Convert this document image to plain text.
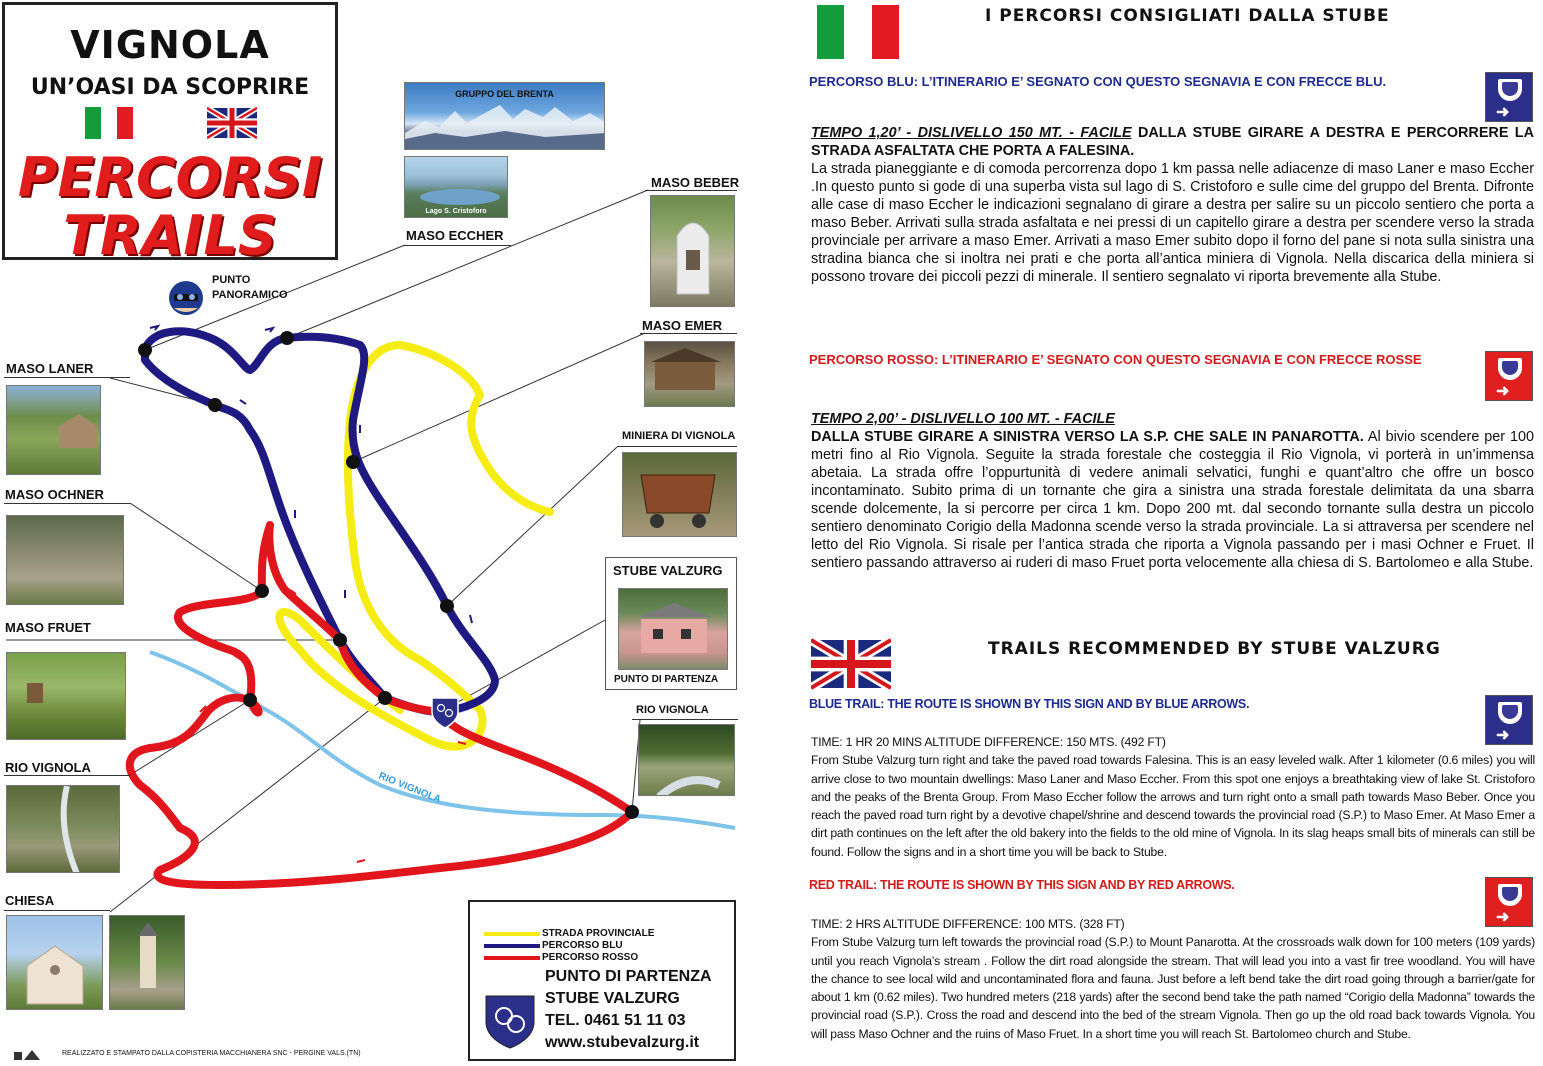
VIGNOLA
UN’OASI DA SCOPRIRE
PERCORSI
TRAILS
RIO VIGNOLA
PUNTO
PANORAMICO
GRUPPO DEL BRENTA
Lago S. Cristoforo
MASO ECCHER
MASO BEBER
MASO EMER
MINIERA DI VIGNOLA
STUBE VALZURG
PUNTO DI PARTENZA
RIO VIGNOLA
MASO LANER
MASO OCHNER
MASO FRUET
RIO VIGNOLA
CHIESA
STRADA PROVINCIALE
PERCORSO BLU
PERCORSO ROSSO
PUNTO DI PARTENZA
STUBE VALZURG
TEL. 0461 51 11 03
www.stubevalzurg.it
REALIZZATO E STAMPATO DALLA COPISTERIA MACCHIANERA SNC - PERGINE VALS.(TN)
I PERCORSI CONSIGLIATI DALLA STUBE
PERCORSO BLU: L’ITINERARIO E’ SEGNATO CON QUESTO SEGNAVIA E CON FRECCE BLU.
➜
TEMPO 1,20’ - DISLIVELLO 150 MT. - FACILE DALLA STUBE GIRARE A DESTRA E PERCORRERE LA STRADA ASFALTATA CHE PORTA A FALESINA.
La strada pianeggiante e di comoda percorrenza dopo 1 km passa nelle adiacenze di maso Laner e maso Eccher .In questo punto si gode di una superba vista sul lago di S. Cristoforo e sulle cime del gruppo del Brenta. Difronte alle case di maso Eccher le indicazioni segnalano di girare a destra per salire su un piccolo sentiero che porta a maso Beber. Arrivati sulla strada asfaltata e nei pressi di un capitello girare a destra per scendere verso la strada provinciale per arrivare a maso Emer. Arrivati a maso Emer subito dopo il forno del pane si nota sulla sinistra una stradina bianca che si inoltra nei prati e che porta all’antica miniera di Vignola. Nella discarica della miniera si possono trovare dei piccoli pezzi di minerale. Il sentiero segnalato vi riporta brevemente alla Stube.
PERCORSO ROSSO: L’ITINERARIO E’ SEGNATO CON QUESTO SEGNAVIA E CON FRECCE ROSSE
➜
TEMPO 2,00’ - DISLIVELLO 100 MT. - FACILE
DALLA STUBE GIRARE A SINISTRA VERSO LA S.P. CHE SALE IN PANAROTTA. Al bivio scendere per 100 metri fino al Rio Vignola. Seguite la strada forestale che costeggia il Rio Vignola, vi porterà in un’immensa abetaia. La strada offre l’oppurtunità di vedere animali selvatici, funghi e quant’altro che offre un bosco incontaminato. Subito prima di un tornante che gira a sinistra una strada forestale delimitata da una sbarra scende dolcemente, la si percorre per circa 1 km. Dopo 200 mt. dal secondo tornante sulla destra un piccolo sentiero denominato Corigio della Madonna scende verso la strada provinciale. La si attraversa per scendere nel letto del Rio Vignola. Si risale per l’antica strada che riporta a Vignola passando per i masi Ochner e Fruet. Il sentiero passando attraverso ai ruderi di maso Fruet porta velocemente alla chiesa di S. Bartolomeo e alla Stube.
TRAILS RECOMMENDED BY STUBE VALZURG
BLUE TRAIL: THE ROUTE IS SHOWN BY THIS SIGN AND BY BLUE ARROWS.
➜
TIME: 1 HR 20 MINS ALTITUDE DIFFERENCE: 150 MTS. (492 FT)
From Stube Valzurg turn right and take the paved road towards Falesina. This is an easy leveled walk. After 1 kilometer (0.6 miles) you will arrive close to two mountain dwellings: Maso Laner and Maso Eccher. From this spot one enjoys a breathtaking view of lake St. Cristoforo and the peaks of the Brenta Group. From Maso Eccher follow the arrows and turn right onto a small path towards Maso Beber. Once you reach the paved road turn right by a devotive chapel/shrine and descend towards the provincial road (S.P.) to Maso Emer. At Maso Emer a dirt path continues on the left after the old bakery into the fields to the old mine of Vignola. In its slag heaps small bits of minerals can still be found. Follow the signs and in a short time you will be back to Stube.
RED TRAIL: THE ROUTE IS SHOWN BY THIS SIGN AND BY RED ARROWS.
➜
TIME: 2 HRS ALTITUDE DIFFERENCE: 100 MTS. (328 FT)
From Stube Valzurg turn left towards the provincial road (S.P.) to Mount Panarotta. At the crossroads walk down for 100 meters (109 yards) until you reach Vignola’s stream . Follow the dirt road alongside the stream. That will lead you into a vast fir tree woodland. You will have the chance to see local wild and uncontaminated flora and fauna. Just before a left bend take the dirt road going through a barrier/gate for about 1 km (0.62 miles). Two hundred meters (218 yards) after the second bend take the path named “Corigio della Madonna” towards the provincial road (S.P.). Cross the road and descend into the bed of the stream Vignola. Then go up the old road back towards Vignola. You will pass Maso Ochner and the ruins of Maso Fruet. In a short time you will reach St. Bartolomeo church and Stube.
